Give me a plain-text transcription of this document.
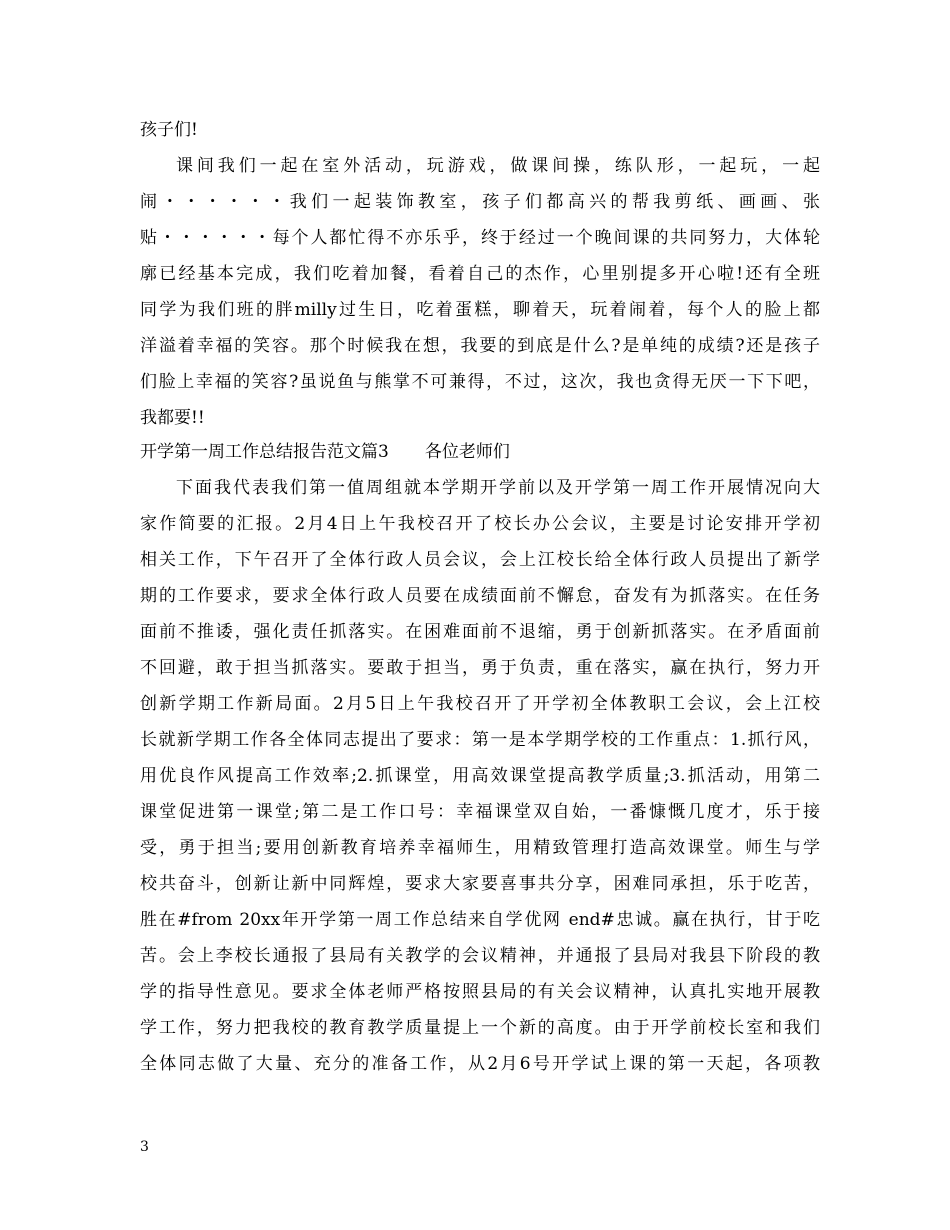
孩子们!
课间我们一起在室外活动，玩游戏，做课间操，练队形，一起玩，一起
闹・・・・・・我们一起装饰教室，孩子们都高兴的帮我剪纸、画画、张
贴・・・・・・每个人都忙得不亦乐乎，终于经过一个晚间课的共同努力，大体轮
廓已经基本完成，我们吃着加餐，看着自己的杰作，心里别提多开心啦!还有全班
同学为我们班的胖milly过生日，吃着蛋糕，聊着天，玩着闹着，每个人的脸上都
洋溢着幸福的笑容。那个时候我在想，我要的到底是什么?是单纯的成绩?还是孩子
们脸上幸福的笑容?虽说鱼与熊掌不可兼得，不过，这次，我也贪得无厌一下下吧，
我都要!!
开学第一周工作总结报告范文篇3 各位老师们
下面我代表我们第一值周组就本学期开学前以及开学第一周工作开展情况向大
家作简要的汇报。2月4日上午我校召开了校长办公会议，主要是讨论安排开学初
相关工作，下午召开了全体行政人员会议，会上江校长给全体行政人员提出了新学
期的工作要求，要求全体行政人员要在成绩面前不懈怠，奋发有为抓落实。在任务
面前不推诿，强化责任抓落实。在困难面前不退缩，勇于创新抓落实。在矛盾面前
不回避，敢于担当抓落实。要敢于担当，勇于负责，重在落实，赢在执行，努力开
创新学期工作新局面。2月5日上午我校召开了开学初全体教职工会议，会上江校
长就新学期工作各全体同志提出了要求：第一是本学期学校的工作重点：1.抓行风，
用优良作风提高工作效率;2.抓课堂，用高效课堂提高教学质量;3.抓活动，用第二
课堂促进第一课堂;第二是工作口号：幸福课堂双自始，一番慷慨几度才，乐于接
受，勇于担当;要用创新教育培养幸福师生，用精致管理打造高效课堂。师生与学
校共奋斗，创新让新中同辉煌，要求大家要喜事共分享，困难同承担，乐于吃苦，
胜在#from 20xx年开学第一周工作总结来自学优网 end#忠诚。赢在执行，甘于吃
苦。会上李校长通报了县局有关教学的会议精神，并通报了县局对我县下阶段的教
学的指导性意见。要求全体老师严格按照县局的有关会议精神，认真扎实地开展教
学工作，努力把我校的教育教学质量提上一个新的高度。由于开学前校长室和我们
全体同志做了大量、充分的准备工作，从2月6号开学试上课的第一天起，各项教
3
